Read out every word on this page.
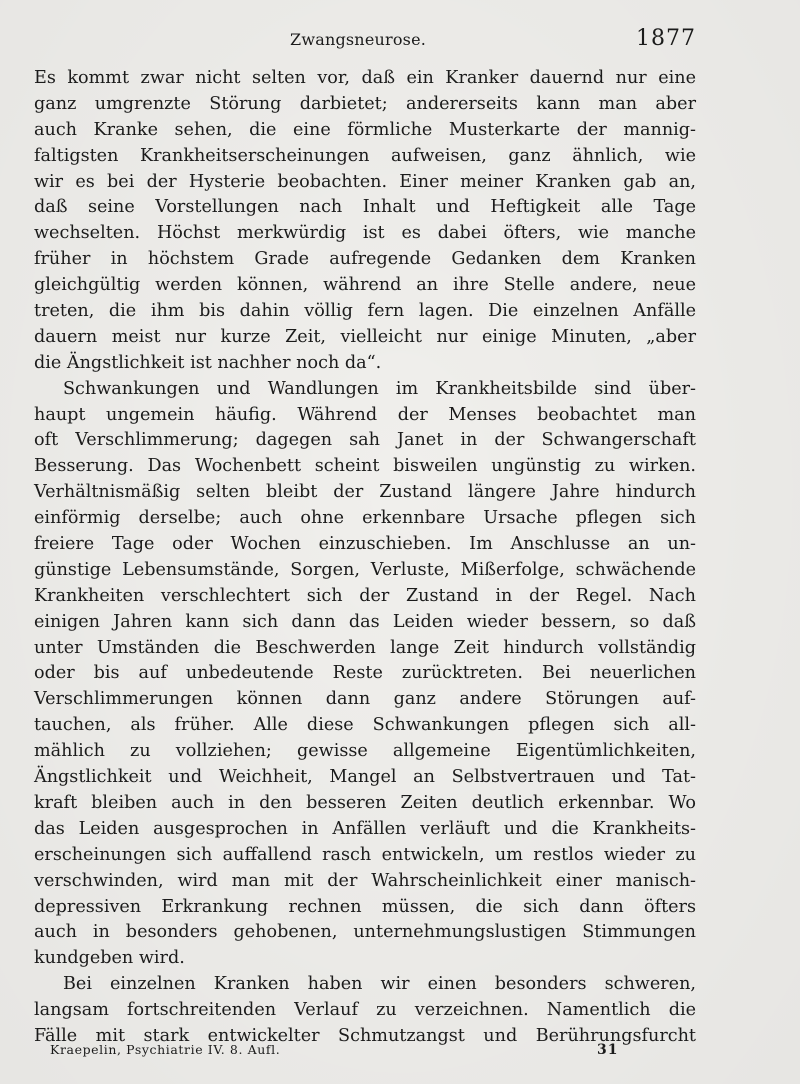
Zwangsneurose.	1877
Es kommt zwar nicht selten vor, daß ein Kranker dauernd nur eine
ganz umgrenzte Störung darbietet; andererseits kann man aber
auch Kranke sehen, die eine förmliche Musterkarte der mannig-
faltigsten Krankheitserscheinungen aufweisen, ganz ähnlich, wie
wir es bei der Hysterie beobachten. Einer meiner Kranken gab an,
daß seine Vorstellungen nach Inhalt und Heftigkeit alle Tage
wechselten. Höchst merkwürdig ist es dabei öfters, wie manche
früher in höchstem Grade aufregende Gedanken dem Kranken
gleichgültig werden können, während an ihre Stelle andere, neue
treten, die ihm bis dahin völlig fern lagen. Die einzelnen Anfälle
dauern meist nur kurze Zeit, vielleicht nur einige Minuten, „aber
die Ängstlichkeit ist nachher noch da“.
Schwankungen und Wandlungen im Krankheitsbilde sind über-
haupt ungemein häufig. Während der Menses beobachtet man
oft Verschlimmerung; dagegen sah Janet in der Schwangerschaft
Besserung. Das Wochenbett scheint bisweilen ungünstig zu wirken.
Verhältnismäßig selten bleibt der Zustand längere Jahre hindurch
einförmig derselbe; auch ohne erkennbare Ursache pflegen sich
freiere Tage oder Wochen einzuschieben. Im Anschlusse an un-
günstige Lebensumstände, Sorgen, Verluste, Mißerfolge, schwächende
Krankheiten verschlechtert sich der Zustand in der Regel. Nach
einigen Jahren kann sich dann das Leiden wieder bessern, so daß
unter Umständen die Beschwerden lange Zeit hindurch vollständig
oder bis auf unbedeutende Reste zurücktreten. Bei neuerlichen
Verschlimmerungen können dann ganz andere Störungen auf-
tauchen, als früher. Alle diese Schwankungen pflegen sich all-
mählich zu vollziehen; gewisse allgemeine Eigentümlichkeiten,
Ängstlichkeit und Weichheit, Mangel an Selbstvertrauen und Tat-
kraft bleiben auch in den besseren Zeiten deutlich erkennbar. Wo
das Leiden ausgesprochen in Anfällen verläuft und die Krankheits-
erscheinungen sich auffallend rasch entwickeln, um restlos wieder zu
verschwinden, wird man mit der Wahrscheinlichkeit einer manisch-
depressiven Erkrankung rechnen müssen, die sich dann öfters
auch in besonders gehobenen, unternehmungslustigen Stimmungen
kundgeben wird.
Bei einzelnen Kranken haben wir einen besonders schweren,
langsam fortschreitenden Verlauf zu verzeichnen. Namentlich die
Fälle mit stark entwickelter Schmutzangst und Berührungsfurcht
Kraepelin, Psychiatrie IV. 8. Aufl.	31
